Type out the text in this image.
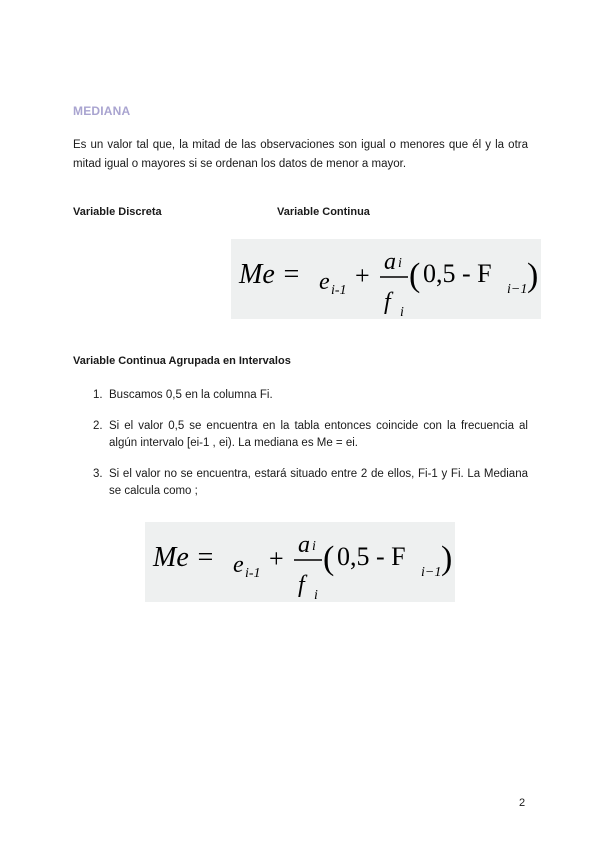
MEDIANA

Es un valor tal que, la mitad de las observaciones son igual o menores que él y la otra mitad igual o mayores si se ordenan los datos de menor a mayor.

Variable Discreta	Variable Continua
Me = e i-1
+ a i
f i
( 0,5 - F
i−1 )
Variable Continua Agrupada en Intervalos
1. Buscamos 0,5 en la columna Fi.
2. Si el valor 0,5 se encuentra en la tabla entonces coincide con la frecuencia al algún intervalo [ei-1 , ei). La mediana es Me = ei.
3. Si el valor no se encuentra, estará situado entre 2 de ellos, Fi-1 y Fi. La Mediana se calcula como ;
Me = e i-1
+ a i
f i
( 0,5 - F
i−1 )
2
